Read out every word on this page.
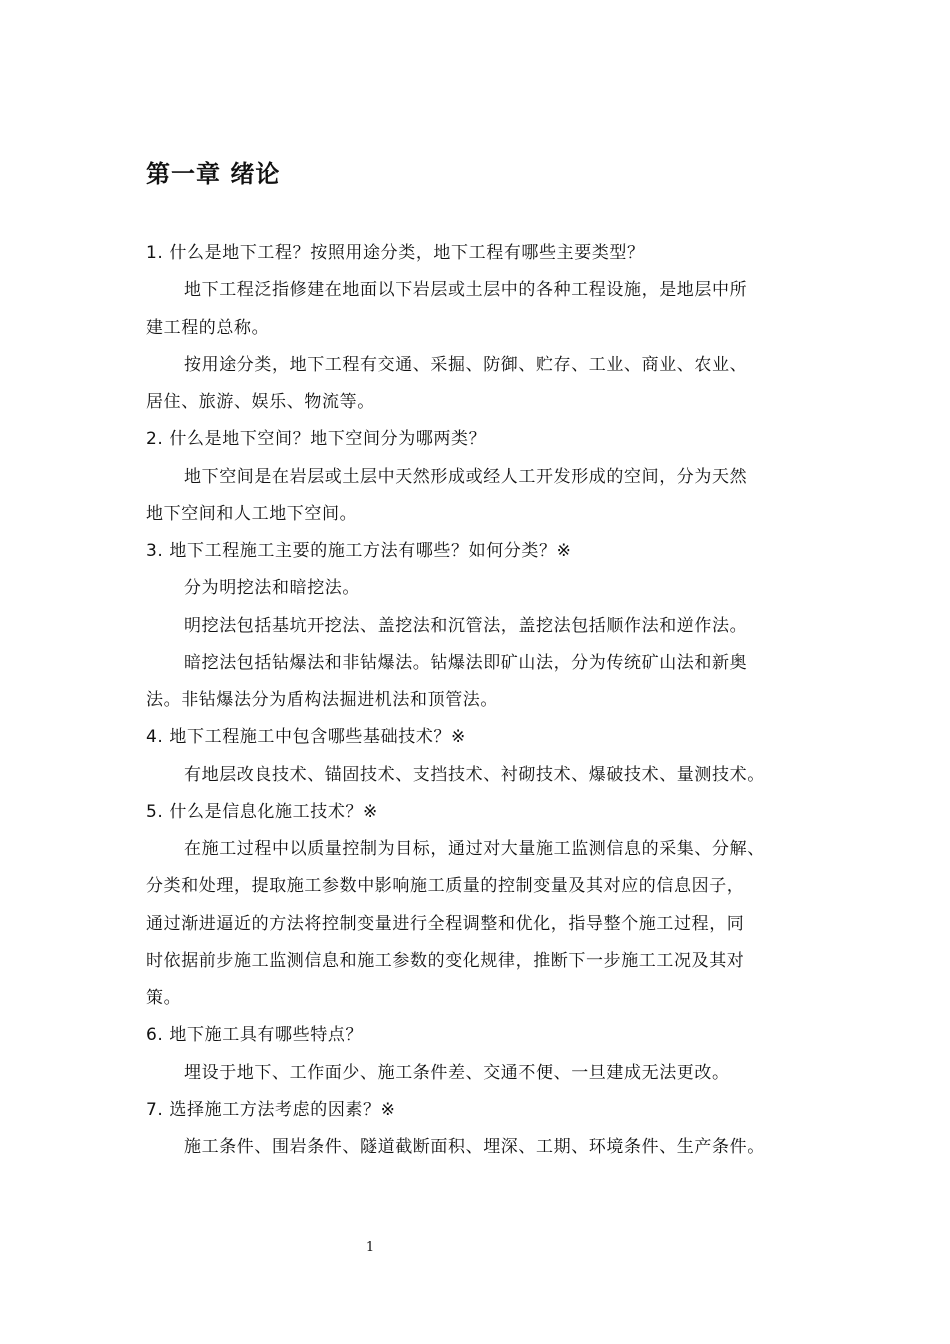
第一章 绪论
1. 什么是地下工程？按照用途分类，地下工程有哪些主要类型？
地下工程泛指修建在地面以下岩层或土层中的各种工程设施，是地层中所
建工程的总称。
按用途分类，地下工程有交通、采掘、防御、贮存、工业、商业、农业、
居住、旅游、娱乐、物流等。
2. 什么是地下空间？地下空间分为哪两类？
地下空间是在岩层或土层中天然形成或经人工开发形成的空间，分为天然
地下空间和人工地下空间。
3. 地下工程施工主要的施工方法有哪些？如何分类？※
分为明挖法和暗挖法。
明挖法包括基坑开挖法、盖挖法和沉管法，盖挖法包括顺作法和逆作法。
暗挖法包括钻爆法和非钻爆法。钻爆法即矿山法，分为传统矿山法和新奥
法。非钻爆法分为盾构法掘进机法和顶管法。
4. 地下工程施工中包含哪些基础技术？※
有地层改良技术、锚固技术、支挡技术、衬砌技术、爆破技术、量测技术。
5. 什么是信息化施工技术？※
在施工过程中以质量控制为目标，通过对大量施工监测信息的采集、分解、
分类和处理，提取施工参数中影响施工质量的控制变量及其对应的信息因子，
通过渐进逼近的方法将控制变量进行全程调整和优化，指导整个施工过程，同
时依据前步施工监测信息和施工参数的变化规律，推断下一步施工工况及其对
策。
6. 地下施工具有哪些特点？
埋设于地下、工作面少、施工条件差、交通不便、一旦建成无法更改。
7. 选择施工方法考虑的因素？※
施工条件、围岩条件、隧道截断面积、埋深、工期、环境条件、生产条件。
1
